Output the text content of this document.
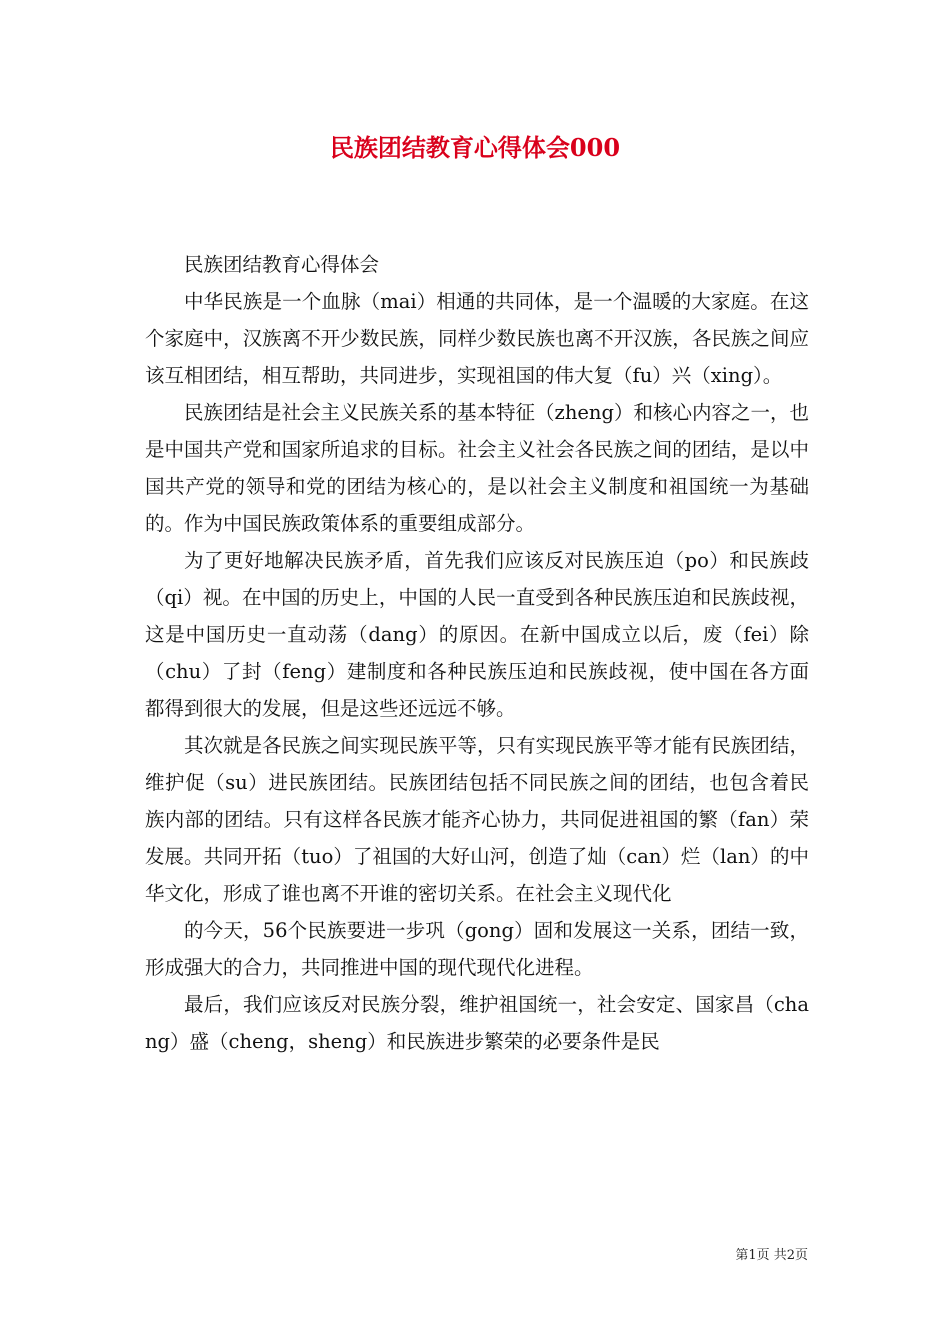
民族团结教育心得体会000

民族团结教育心得体会

中华民族是一个血脉（mai）相通的共同体，是一个温暖的大家庭。在这个家庭中，汉族离不开少数民族，同样少数民族也离不开汉族，各民族之间应该互相团结，相互帮助，共同进步，实现祖国的伟大复（fu）兴（xing）。

民族团结是社会主义民族关系的基本特征（zheng）和核心内容之一，也是中国共产党和国家所追求的目标。社会主义社会各民族之间的团结，是以中国共产党的领导和党的团结为核心的，是以社会主义制度和祖国统一为基础的。作为中国民族政策体系的重要组成部分。

为了更好地解决民族矛盾，首先我们应该反对民族压迫（po）和民族歧（qi）视。在中国的历史上，中国的人民一直受到各种民族压迫和民族歧视，这是中国历史一直动荡（dang）的原因。在新中国成立以后，废（fei）除（chu）了封（feng）建制度和各种民族压迫和民族歧视，使中国在各方面都得到很大的发展，但是这些还远远不够。

其次就是各民族之间实现民族平等，只有实现民族平等才能有民族团结，维护促（su）进民族团结。民族团结包括不同民族之间的团结，也包含着民族内部的团结。只有这样各民族才能齐心协力，共同促进祖国的繁（fan）荣发展。共同开拓（tuo）了祖国的大好山河，创造了灿（can）烂（lan）的中华文化，形成了谁也离不开谁的密切关系。在社会主义现代化

的今天，56个民族要进一步巩（gong）固和发展这一关系，团结一致，形成强大的合力，共同推进中国的现代现代化进程。

最后，我们应该反对民族分裂，维护祖国统一，社会安定、国家昌（chang）盛（cheng，sheng）和民族进步繁荣的必要条件是民

第1页 共2页
